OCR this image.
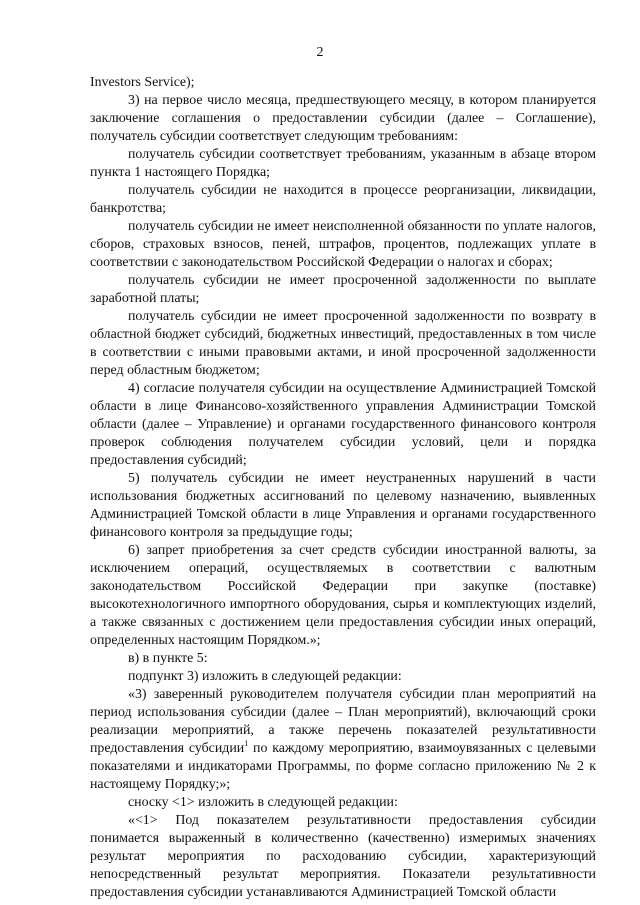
2

Investors Service);

3) на первое число месяца, предшествующего месяцу, в котором планируется заключение соглашения о предоставлении субсидии (далее – Соглашение), получатель субсидии соответствует следующим требованиям:

получатель субсидии соответствует требованиям, указанным в абзаце втором пункта 1 настоящего Порядка;

получатель субсидии не находится в процессе реорганизации, ликвидации, банкротства;

получатель субсидии не имеет неисполненной обязанности по уплате налогов, сборов, страховых взносов, пеней, штрафов, процентов, подлежащих уплате в соответствии с законодательством Российской Федерации о налогах и сборах;

получатель субсидии не имеет просроченной задолженности по выплате заработной платы;

получатель субсидии не имеет просроченной задолженности по возврату в областной бюджет субсидий, бюджетных инвестиций, предоставленных в том числе в соответствии с иными правовыми актами, и иной просроченной задолженности перед областным бюджетом;

4) согласие получателя субсидии на осуществление Администрацией Томской области в лице Финансово-хозяйственного управления Администрации Томской области (далее – Управление) и органами государственного финансового контроля проверок соблюдения получателем субсидии условий, цели и порядка предоставления субсидий;

5) получатель субсидии не имеет неустраненных нарушений в части использования бюджетных ассигнований по целевому назначению, выявленных Администрацией Томской области в лице Управления и органами государственного финансового контроля за предыдущие годы;

6) запрет приобретения за счет средств субсидии иностранной валюты, за исключением операций, осуществляемых в соответствии с валютным законодательством Российской Федерации при закупке (поставке) высокотехнологичного импортного оборудования, сырья и комплектующих изделий, а также связанных с достижением цели предоставления субсидии иных операций, определенных настоящим Порядком.»;

в) в пункте 5:

подпункт 3) изложить в следующей редакции:

«3) заверенный руководителем получателя субсидии план мероприятий на период использования субсидии (далее – План мероприятий), включающий сроки реализации мероприятий, а также перечень показателей результативности предоставления субсидии$^1$ по каждому мероприятию, взаимоувязанных с целевыми показателями и индикаторами Программы, по форме согласно приложению № 2 к настоящему Порядку;»;

сноску <1> изложить в следующей редакции:

«<1> Под показателем результативности предоставления субсидии понимается выраженный в количественно (качественно) измеримых значениях результат мероприятия по расходованию субсидии, характеризующий непосредственный результат мероприятия. Показатели результативности предоставления субсидии устанавливаются Администрацией Томской области
